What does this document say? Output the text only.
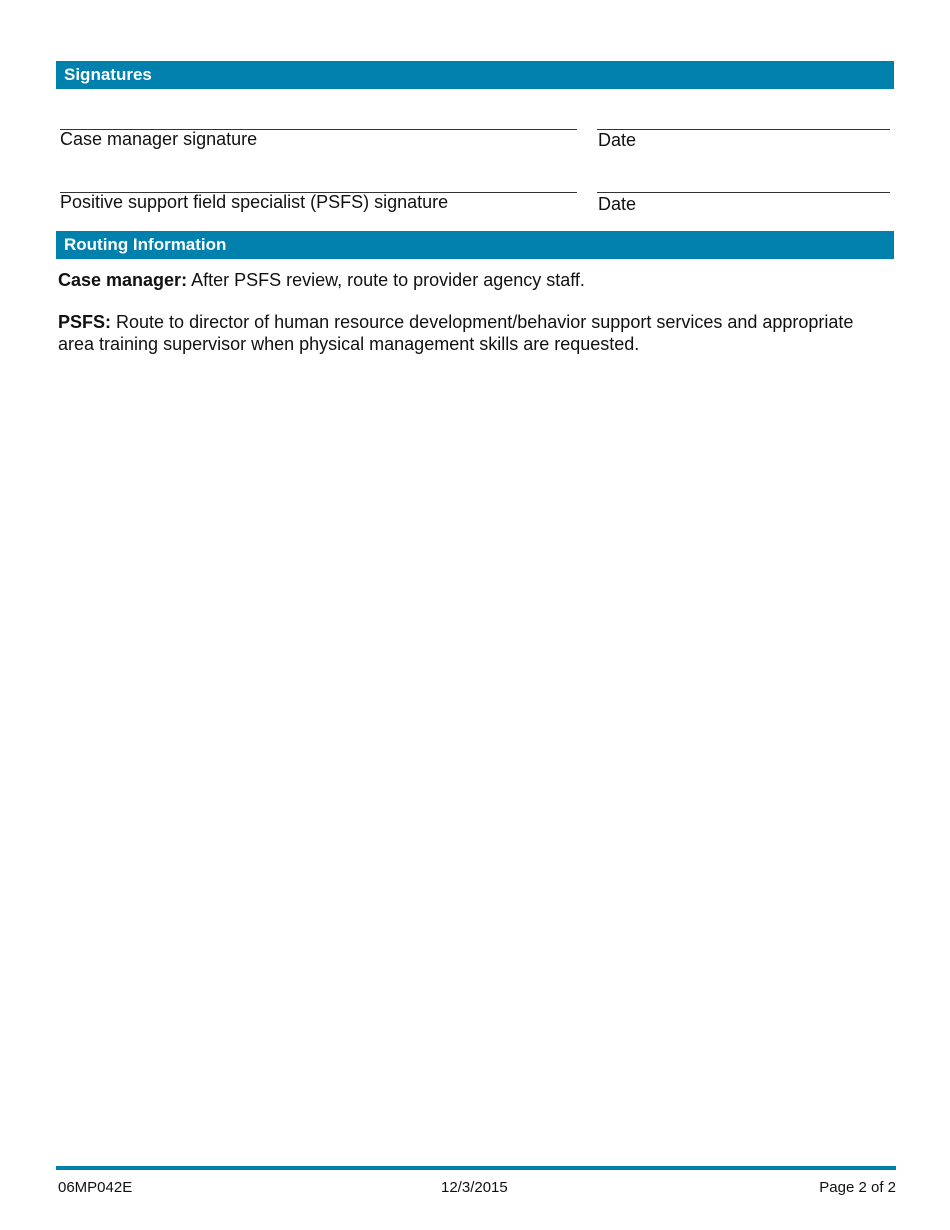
Signatures
Case manager signature	Date
Positive support field specialist (PSFS) signature	Date
Routing Information
Case manager: After PSFS review, route to provider agency staff.
PSFS: Route to director of human resource development/behavior support services and appropriate area training supervisor when physical management skills are requested.
06MP042E	12/3/2015	Page 2 of 2
